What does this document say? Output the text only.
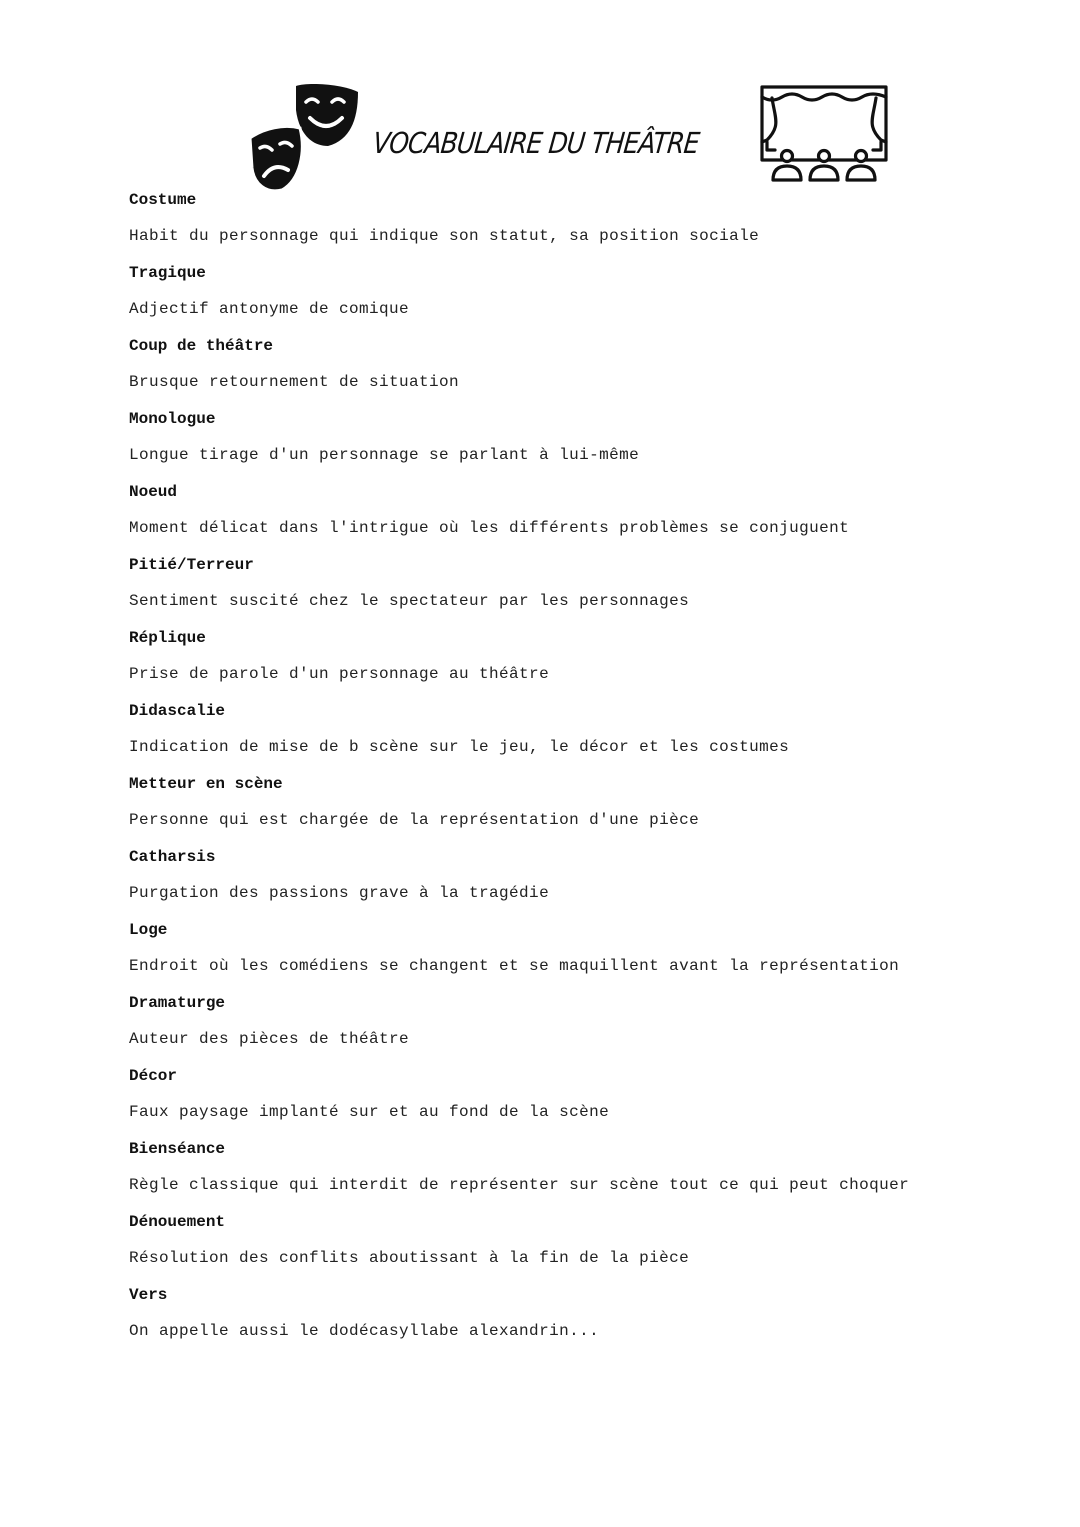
VOCABULAIRE DU THEÂTRE
Costume
Habit du personnage qui indique son statut, sa position sociale
Tragique
Adjectif antonyme de comique
Coup de théâtre
Brusque retournement de situation
Monologue
Longue tirage d'un personnage se parlant à lui-même
Noeud
Moment délicat dans l'intrigue où les différents problèmes se conjuguent
Pitié/Terreur
Sentiment suscité chez le spectateur par les personnages
Réplique
Prise de parole d'un personnage au théâtre
Didascalie
Indication de mise de b scène sur le jeu, le décor et les costumes
Metteur en scène
Personne qui est chargée de la représentation d'une pièce
Catharsis
Purgation des passions grave à la tragédie
Loge
Endroit où les comédiens se changent et se maquillent avant la représentation
Dramaturge
Auteur des pièces de théâtre
Décor
Faux paysage implanté sur et au fond de la scène
Bienséance
Règle classique qui interdit de représenter sur scène tout ce qui peut choquer
Dénouement
Résolution des conflits aboutissant à la fin de la pièce
Vers
On appelle aussi le dodécasyllabe alexandrin...
